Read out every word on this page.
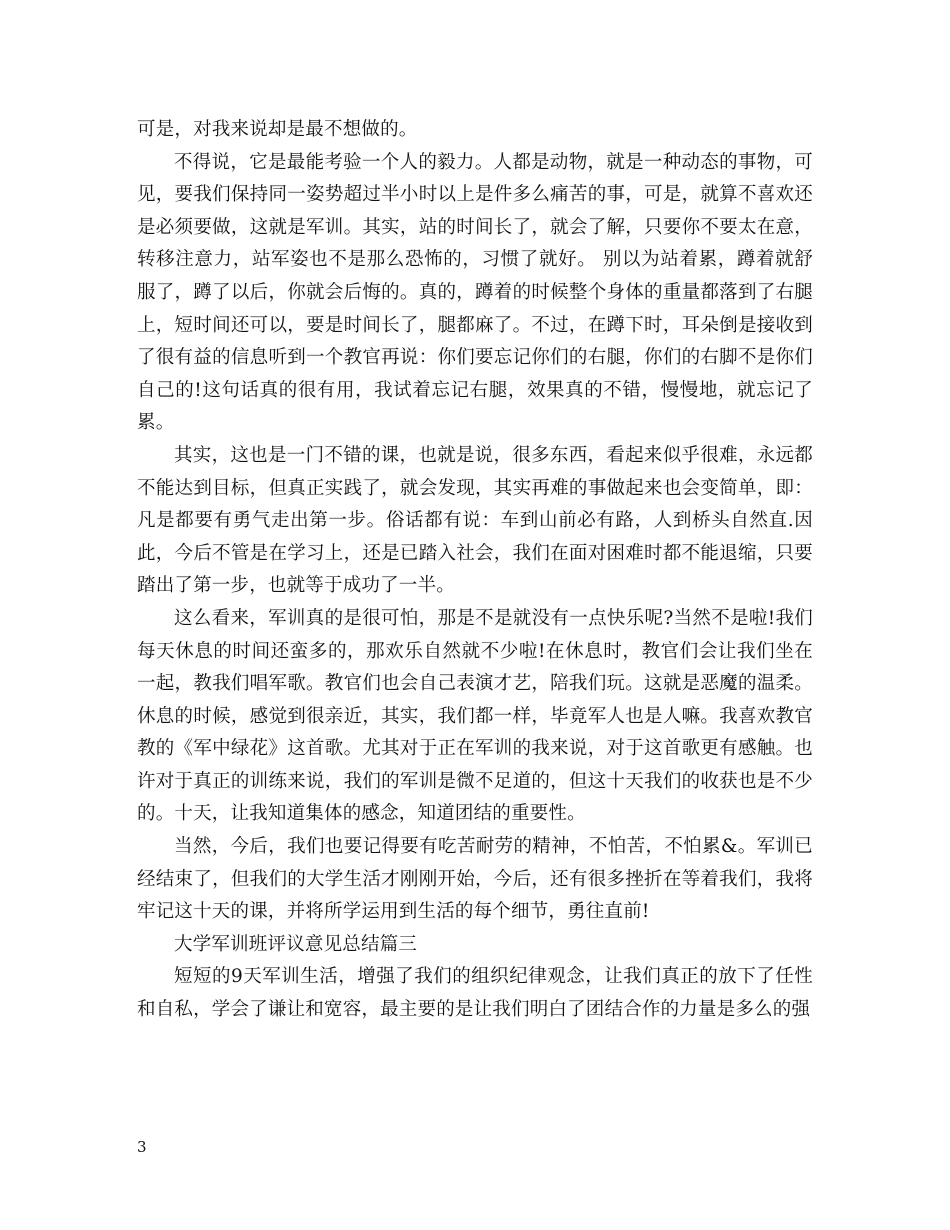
可是，对我来说却是最不想做的。

不得说，它是最能考验一个人的毅力。人都是动物，就是一种动态的事物，可见，要我们保持同一姿势超过半小时以上是件多么痛苦的事，可是，就算不喜欢还是必须要做，这就是军训。其实，站的时间长了，就会了解，只要你不要太在意，转移注意力，站军姿也不是那么恐怖的，习惯了就好。 别以为站着累，蹲着就舒服了，蹲了以后，你就会后悔的。真的，蹲着的时候整个身体的重量都落到了右腿上，短时间还可以，要是时间长了，腿都麻了。不过，在蹲下时，耳朵倒是接收到了很有益的信息听到一个教官再说：你们要忘记你们的右腿，你们的右脚不是你们自己的!这句话真的很有用，我试着忘记右腿，效果真的不错，慢慢地，就忘记了累。

其实，这也是一门不错的课，也就是说，很多东西，看起来似乎很难，永远都不能达到目标，但真正实践了，就会发现，其实再难的事做起来也会变简单，即：凡是都要有勇气走出第一步。俗话都有说：车到山前必有路，人到桥头自然直.因此，今后不管是在学习上，还是已踏入社会，我们在面对困难时都不能退缩，只要踏出了第一步，也就等于成功了一半。

这么看来，军训真的是很可怕，那是不是就没有一点快乐呢?当然不是啦!我们每天休息的时间还蛮多的，那欢乐自然就不少啦!在休息时，教官们会让我们坐在一起，教我们唱军歌。教官们也会自己表演才艺，陪我们玩。这就是恶魔的温柔。休息的时候，感觉到很亲近，其实，我们都一样，毕竟军人也是人嘛。我喜欢教官教的《军中绿花》这首歌。尤其对于正在军训的我来说，对于这首歌更有感触。也许对于真正的训练来说，我们的军训是微不足道的，但这十天我们的收获也是不少的。十天，让我知道集体的感念，知道团结的重要性。

当然，今后，我们也要记得要有吃苦耐劳的精神，不怕苦，不怕累&。军训已经结束了，但我们的大学生活才刚刚开始，今后，还有很多挫折在等着我们，我将牢记这十天的课，并将所学运用到生活的每个细节，勇往直前!

大学军训班评议意见总结篇三

短短的9天军训生活，增强了我们的组织纪律观念，让我们真正的放下了任性和自私，学会了谦让和宽容，最主要的是让我们明白了团结合作的力量是多么的强

3
